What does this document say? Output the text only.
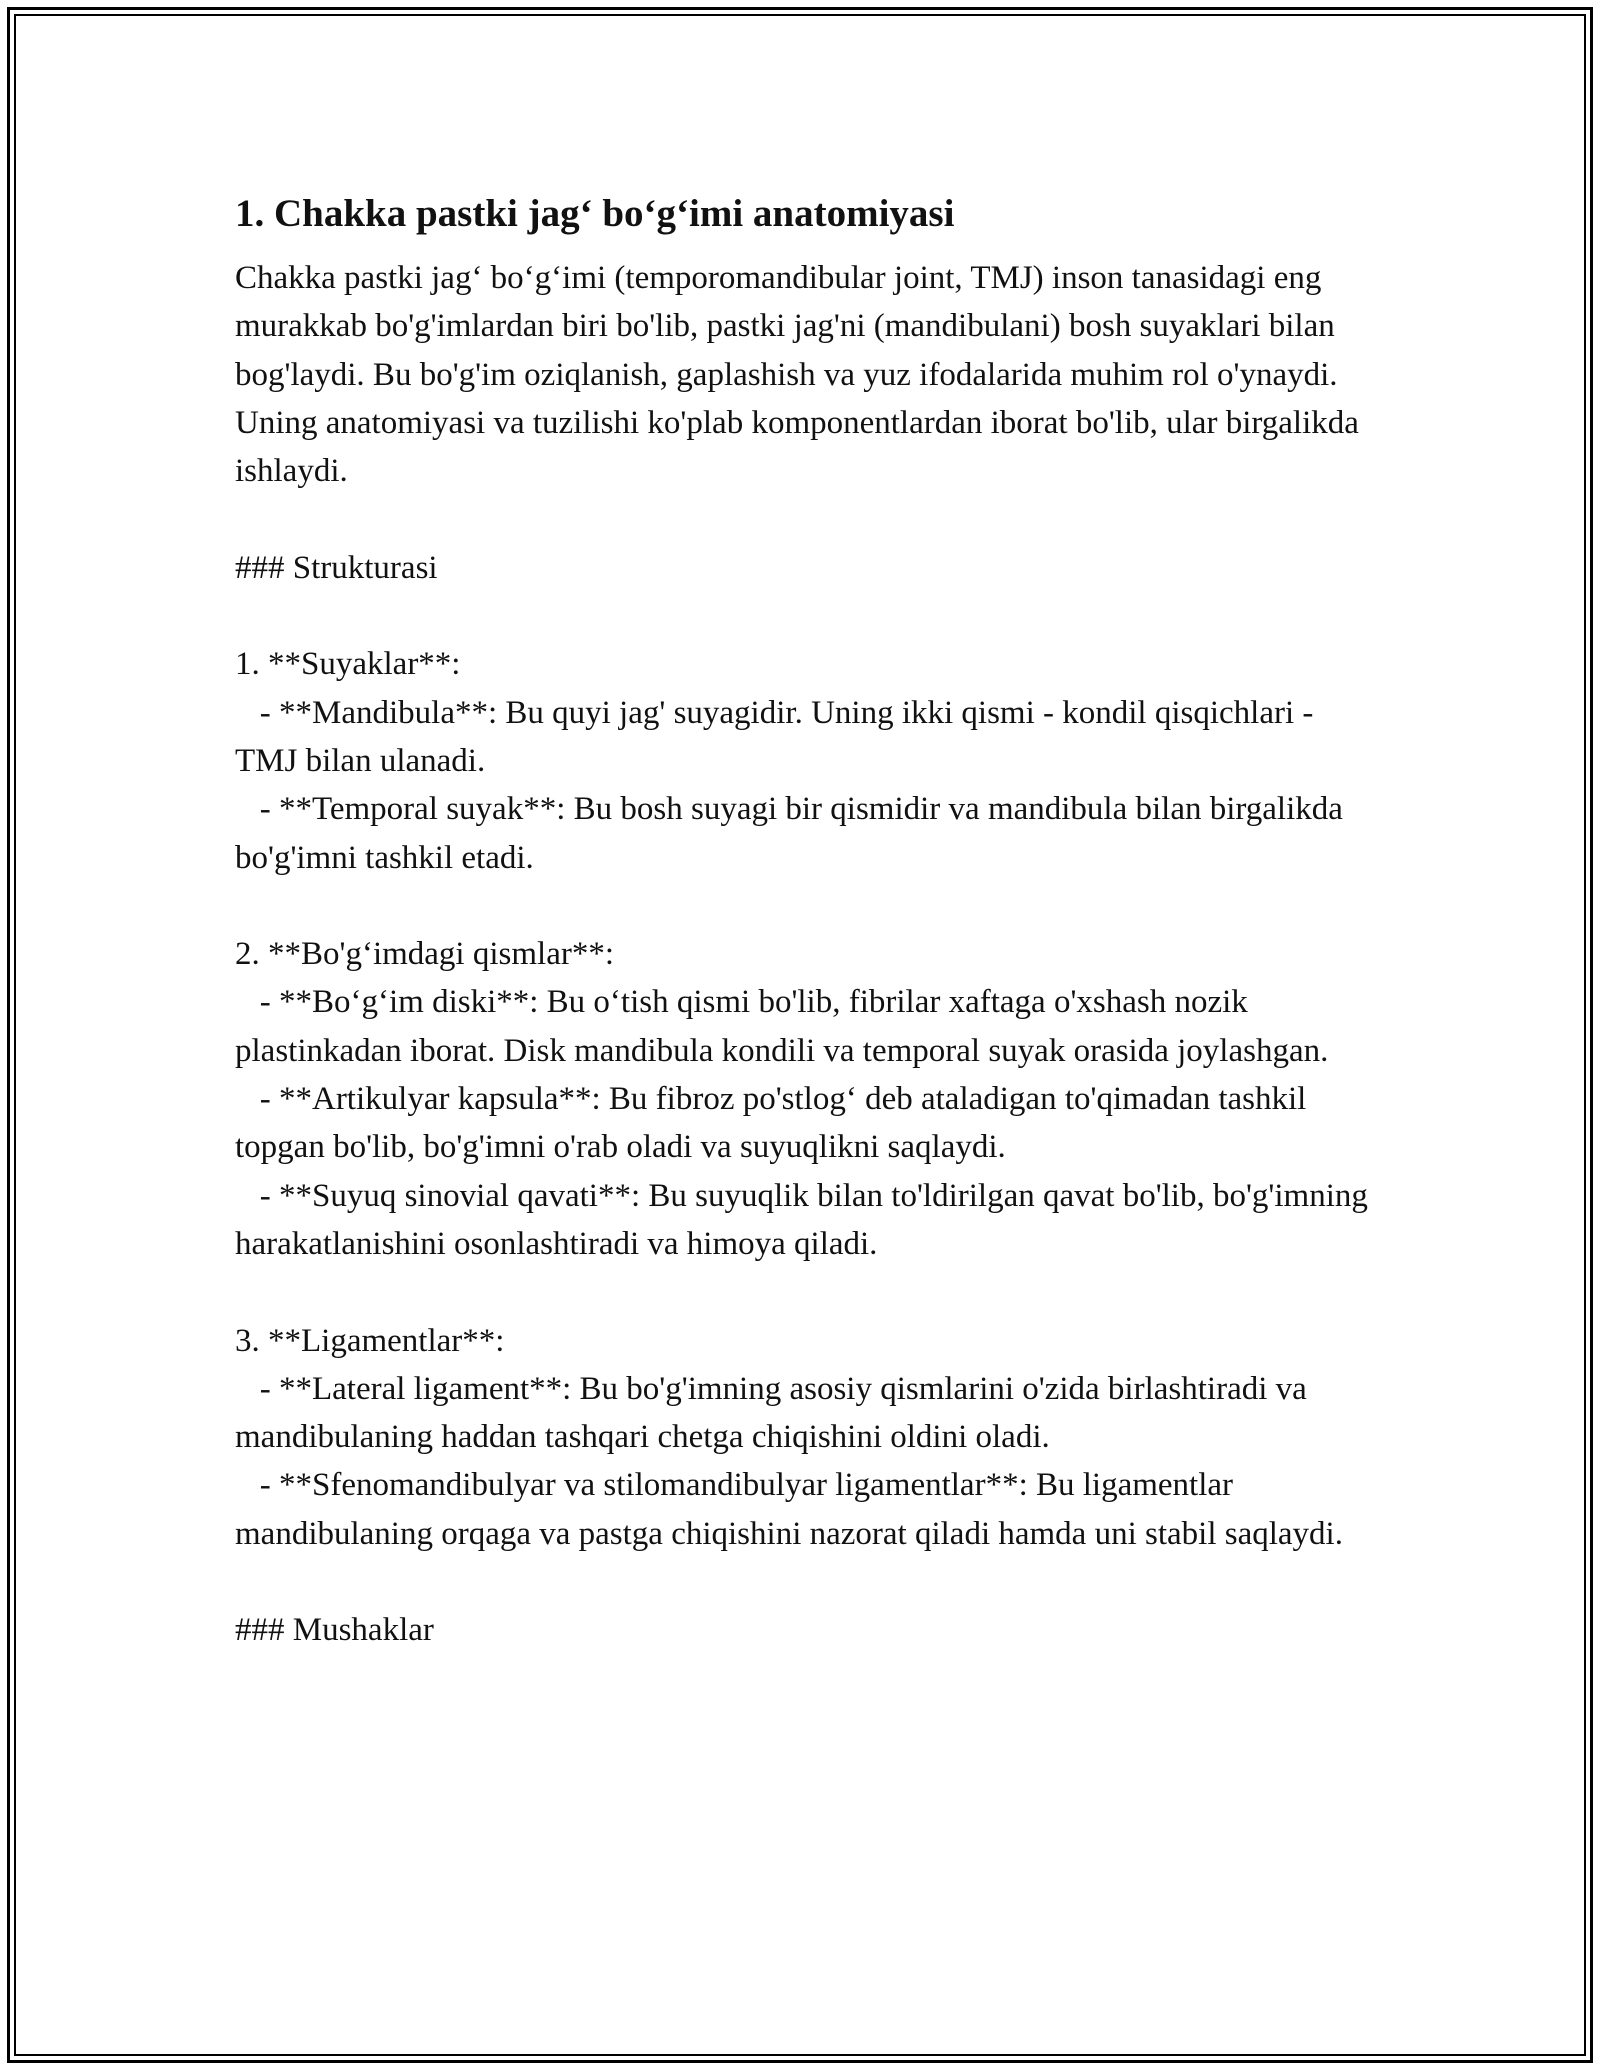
1. Chakka pastki jag‘ bo‘g‘imi anatomiyasi

Chakka pastki jag‘ bo‘g‘imi (temporomandibular joint, TMJ) inson tanasidagi eng murakkab bo'g'imlardan biri bo'lib, pastki jag'ni (mandibulani) bosh suyaklari bilan bog'laydi. Bu bo'g'im oziqlanish, gaplashish va yuz ifodalarida muhim rol o'ynaydi. Uning anatomiyasi va tuzilishi ko'plab komponentlardan iborat bo'lib, ular birgalikda ishlaydi.

### Strukturasi

1. **Suyaklar**:

- **Mandibula**: Bu quyi jag' suyagidir. Uning ikki qismi - kondil qisqichlari - TMJ bilan ulanadi.

- **Temporal suyak**: Bu bosh suyagi bir qismidir va mandibula bilan birgalikda bo'g'imni tashkil etadi.

2. **Bo'g‘imdagi qismlar**:

- **Bo‘g‘im diski**: Bu o‘tish qismi bo'lib, fibrilar xaftaga o'xshash nozik plastinkadan iborat. Disk mandibula kondili va temporal suyak orasida joylashgan.

- **Artikulyar kapsula**: Bu fibroz po'stlog‘ deb ataladigan to'qimadan tashkil topgan bo'lib, bo'g'imni o'rab oladi va suyuqlikni saqlaydi.

- **Suyuq sinovial qavati**: Bu suyuqlik bilan to'ldirilgan qavat bo'lib, bo'g'imning harakatlanishini osonlashtiradi va himoya qiladi.

3. **Ligamentlar**:

- **Lateral ligament**: Bu bo'g'imning asosiy qismlarini o'zida birlashtiradi va mandibulaning haddan tashqari chetga chiqishini oldini oladi.

- **Sfenomandibulyar va stilomandibulyar ligamentlar**: Bu ligamentlar mandibulaning orqaga va pastga chiqishini nazorat qiladi hamda uni stabil saqlaydi.

### Mushaklar
